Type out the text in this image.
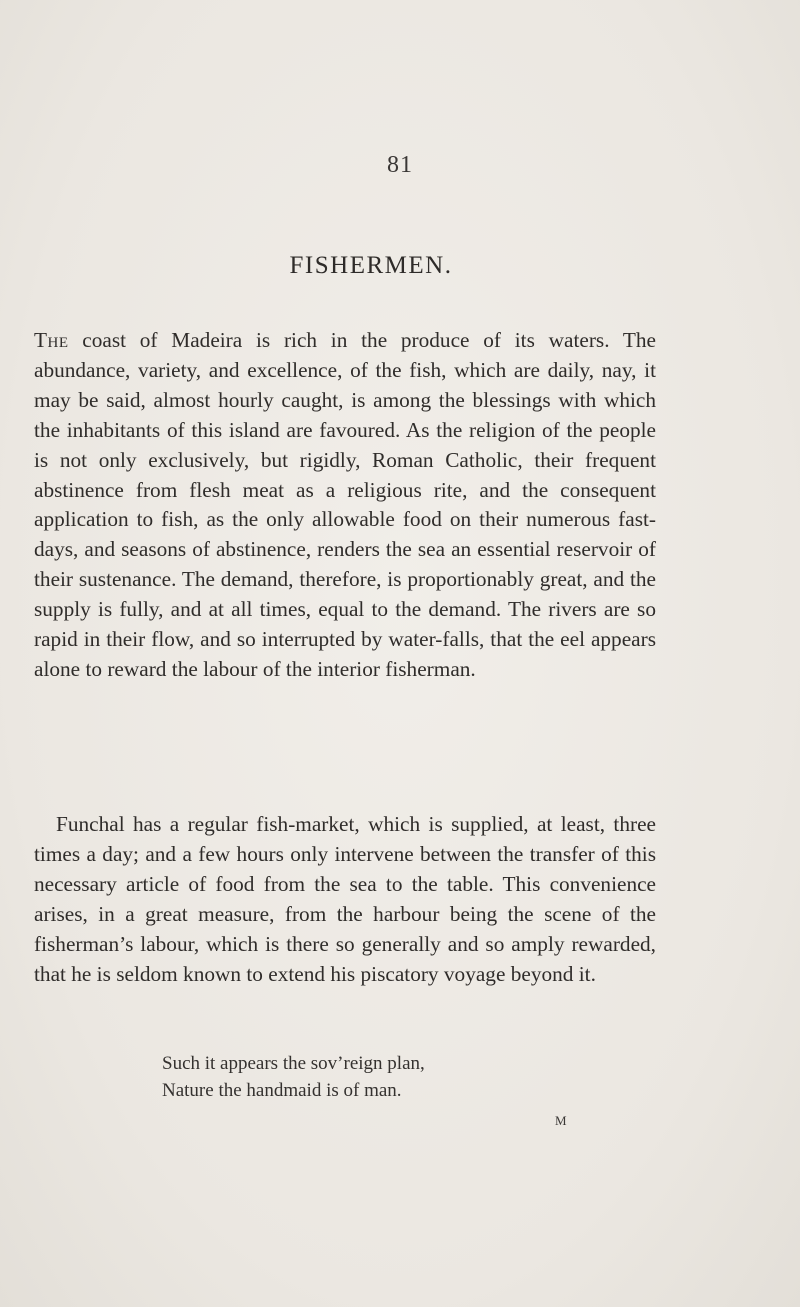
81
FISHERMEN.

The coast of Madeira is rich in the produce of its waters. The abundance, variety, and excellence, of the fish, which are daily, nay, it may be said, almost hourly caught, is among the blessings with which the inhabitants of this island are favoured. As the religion of the people is not only exclusively, but rigidly, Roman Catholic, their frequent abstinence from flesh meat as a religious rite, and the consequent application to fish, as the only allowable food on their numerous fast-days, and seasons of abstinence, renders the sea an essential reservoir of their sustenance. The demand, therefore, is proportionably great, and the supply is fully, and at all times, equal to the demand. The rivers are so rapid in their flow, and so interrupted by water-falls, that the eel appears alone to reward the labour of the interior fisherman.

Funchal has a regular fish-market, which is supplied, at least, three times a day; and a few hours only intervene between the transfer of this necessary article of food from the sea to the table. This convenience arises, in a great measure, from the harbour being the scene of the fisherman’s labour, which is there so generally and so amply rewarded, that he is seldom known to extend his piscatory voyage beyond it.

Such it appears the sov’reign plan,
Nature the handmaid is of man.
M
